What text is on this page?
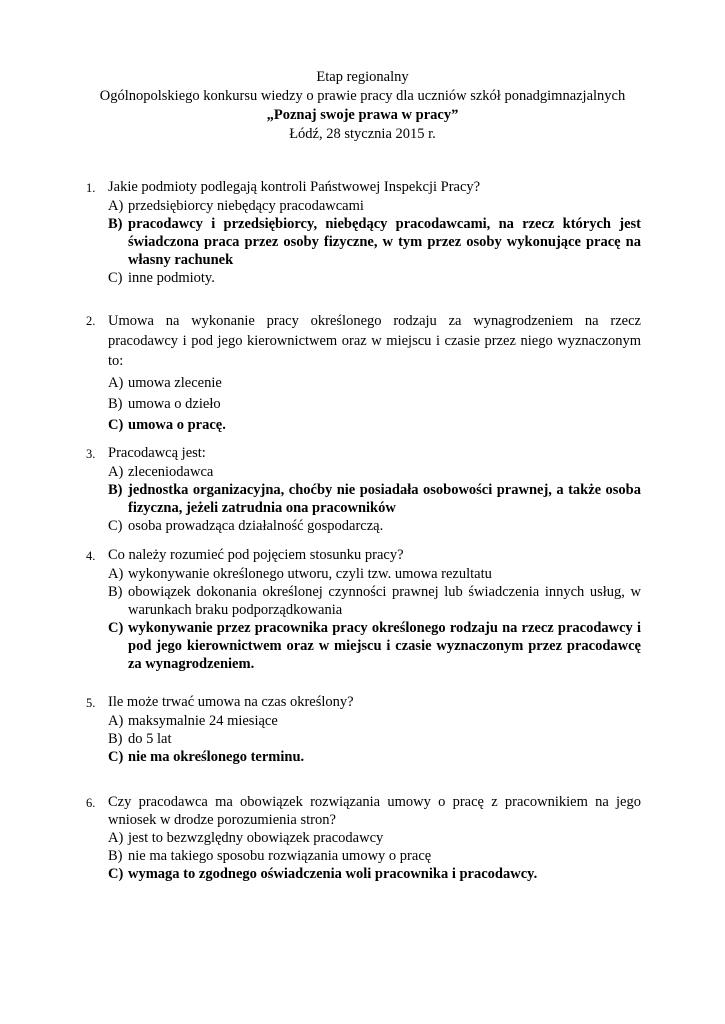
Etap regionalny
Ogólnopolskiego konkursu wiedzy o prawie pracy dla uczniów szkół ponadgimnazjalnych
„Poznaj swoje prawa w pracy”
Łódź, 28 stycznia 2015 r.
1. Jakie podmioty podlegają kontroli Państwowej Inspekcji Pracy?
A) przedsiębiorcy niebędący pracodawcami
B) pracodawcy i przedsiębiorcy, niebędący pracodawcami, na rzecz których jest świadczona praca przez osoby fizyczne, w tym przez osoby wykonujące pracę na własny rachunek
C) inne podmioty.
2. Umowa na wykonanie pracy określonego rodzaju za wynagrodzeniem na rzecz pracodawcy i pod jego kierownictwem oraz w miejscu i czasie przez niego wyznaczonym to:
A) umowa zlecenie
B) umowa o dzieło
C) umowa o pracę.
3. Pracodawcą jest:
A) zleceniodawca
B) jednostka organizacyjna, choćby nie posiadała osobowości prawnej, a także osoba fizyczna, jeżeli zatrudnia ona pracowników
C) osoba prowadząca działalność gospodarczą.
4. Co należy rozumieć pod pojęciem stosunku pracy?
A) wykonywanie określonego utworu, czyli tzw. umowa rezultatu
B) obowiązek dokonania określonej czynności prawnej lub świadczenia innych usług, w warunkach braku podporządkowania
C) wykonywanie przez pracownika pracy określonego rodzaju na rzecz pracodawcy i pod jego kierownictwem oraz w miejscu i czasie wyznaczonym przez pracodawcę za wynagrodzeniem.
5. Ile może trwać umowa na czas określony?
A) maksymalnie 24 miesiące
B) do 5 lat
C) nie ma określonego terminu.
6. Czy pracodawca ma obowiązek rozwiązania umowy o pracę z pracownikiem na jego wniosek w drodze porozumienia stron?
A) jest to bezwzględny obowiązek pracodawcy
B) nie ma takiego sposobu rozwiązania umowy o pracę
C) wymaga to zgodnego oświadczenia woli pracownika i pracodawcy.
